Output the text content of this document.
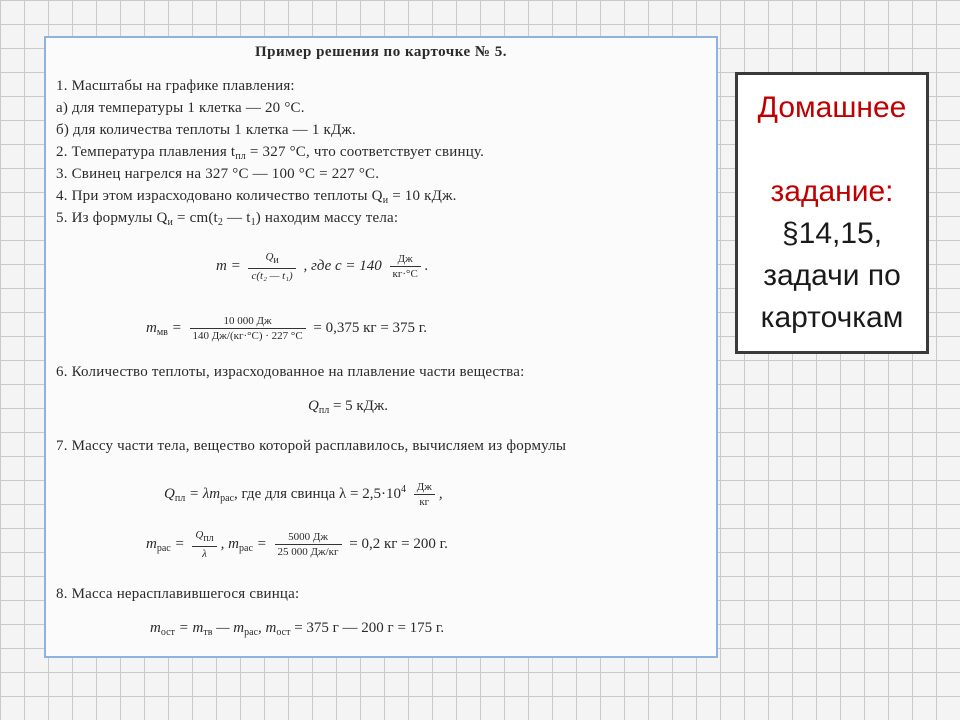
Пример решения по карточке № 5.
1. Масштабы на графике плавления:
а) для температуры 1 клетка — 20 °С.
б) для количества теплоты 1 клетка — 1 кДж.
2. Температура плавления $t_{пл} = 327$ °С, что соответствует свинцу.
3. Свинец нагрелся на 327 °С — 100 °С = 227 °С.
4. При этом израсходовано количество теплоты $Q_и = 10$ кДж.
5. Из формулы $Q_и = cm(t_2$ — $t_1$) находим массу тела:
$m = \frac{Qи}{\text{c(t₂ — t₁)}}$ , где $c = 140 \frac{Дж}{кг\cdot^\circ С}$ .
$m_{мв} = \frac{10 000 Дж}{140 Дж/(кг\cdot^\circ С) \cdot 227 ^\circ С} = 0,375$ кг = 375 г.
6. Количество теплоты, израсходованное на плавление части вещества:
$Q_{пл} = 5$ кДж.
7. Массу части тела, вещество которой расплавилось, вычисляем из формулы
$Q_{пл} = \lambda m_{рас}$, где для свинца $\lambda = 2,5\cdot 10^4 \frac{Дж}{кг}$ ,
$m_{рас} = \frac{\text{Qпл}}{\lambda}$ , $m_{рас} = \frac{5000 Дж}{25 000 Дж/кг} = 0,2$ кг = 200 г.
8. Масса нерасплавившегося свинца:
$m_{ост} = m_{тв}$ — $m_{рас}$, $m_{ост} = 375$ г — 200 г = 175 г.
Домашнее
задание:
§14,15,
задачи по
карточкам
